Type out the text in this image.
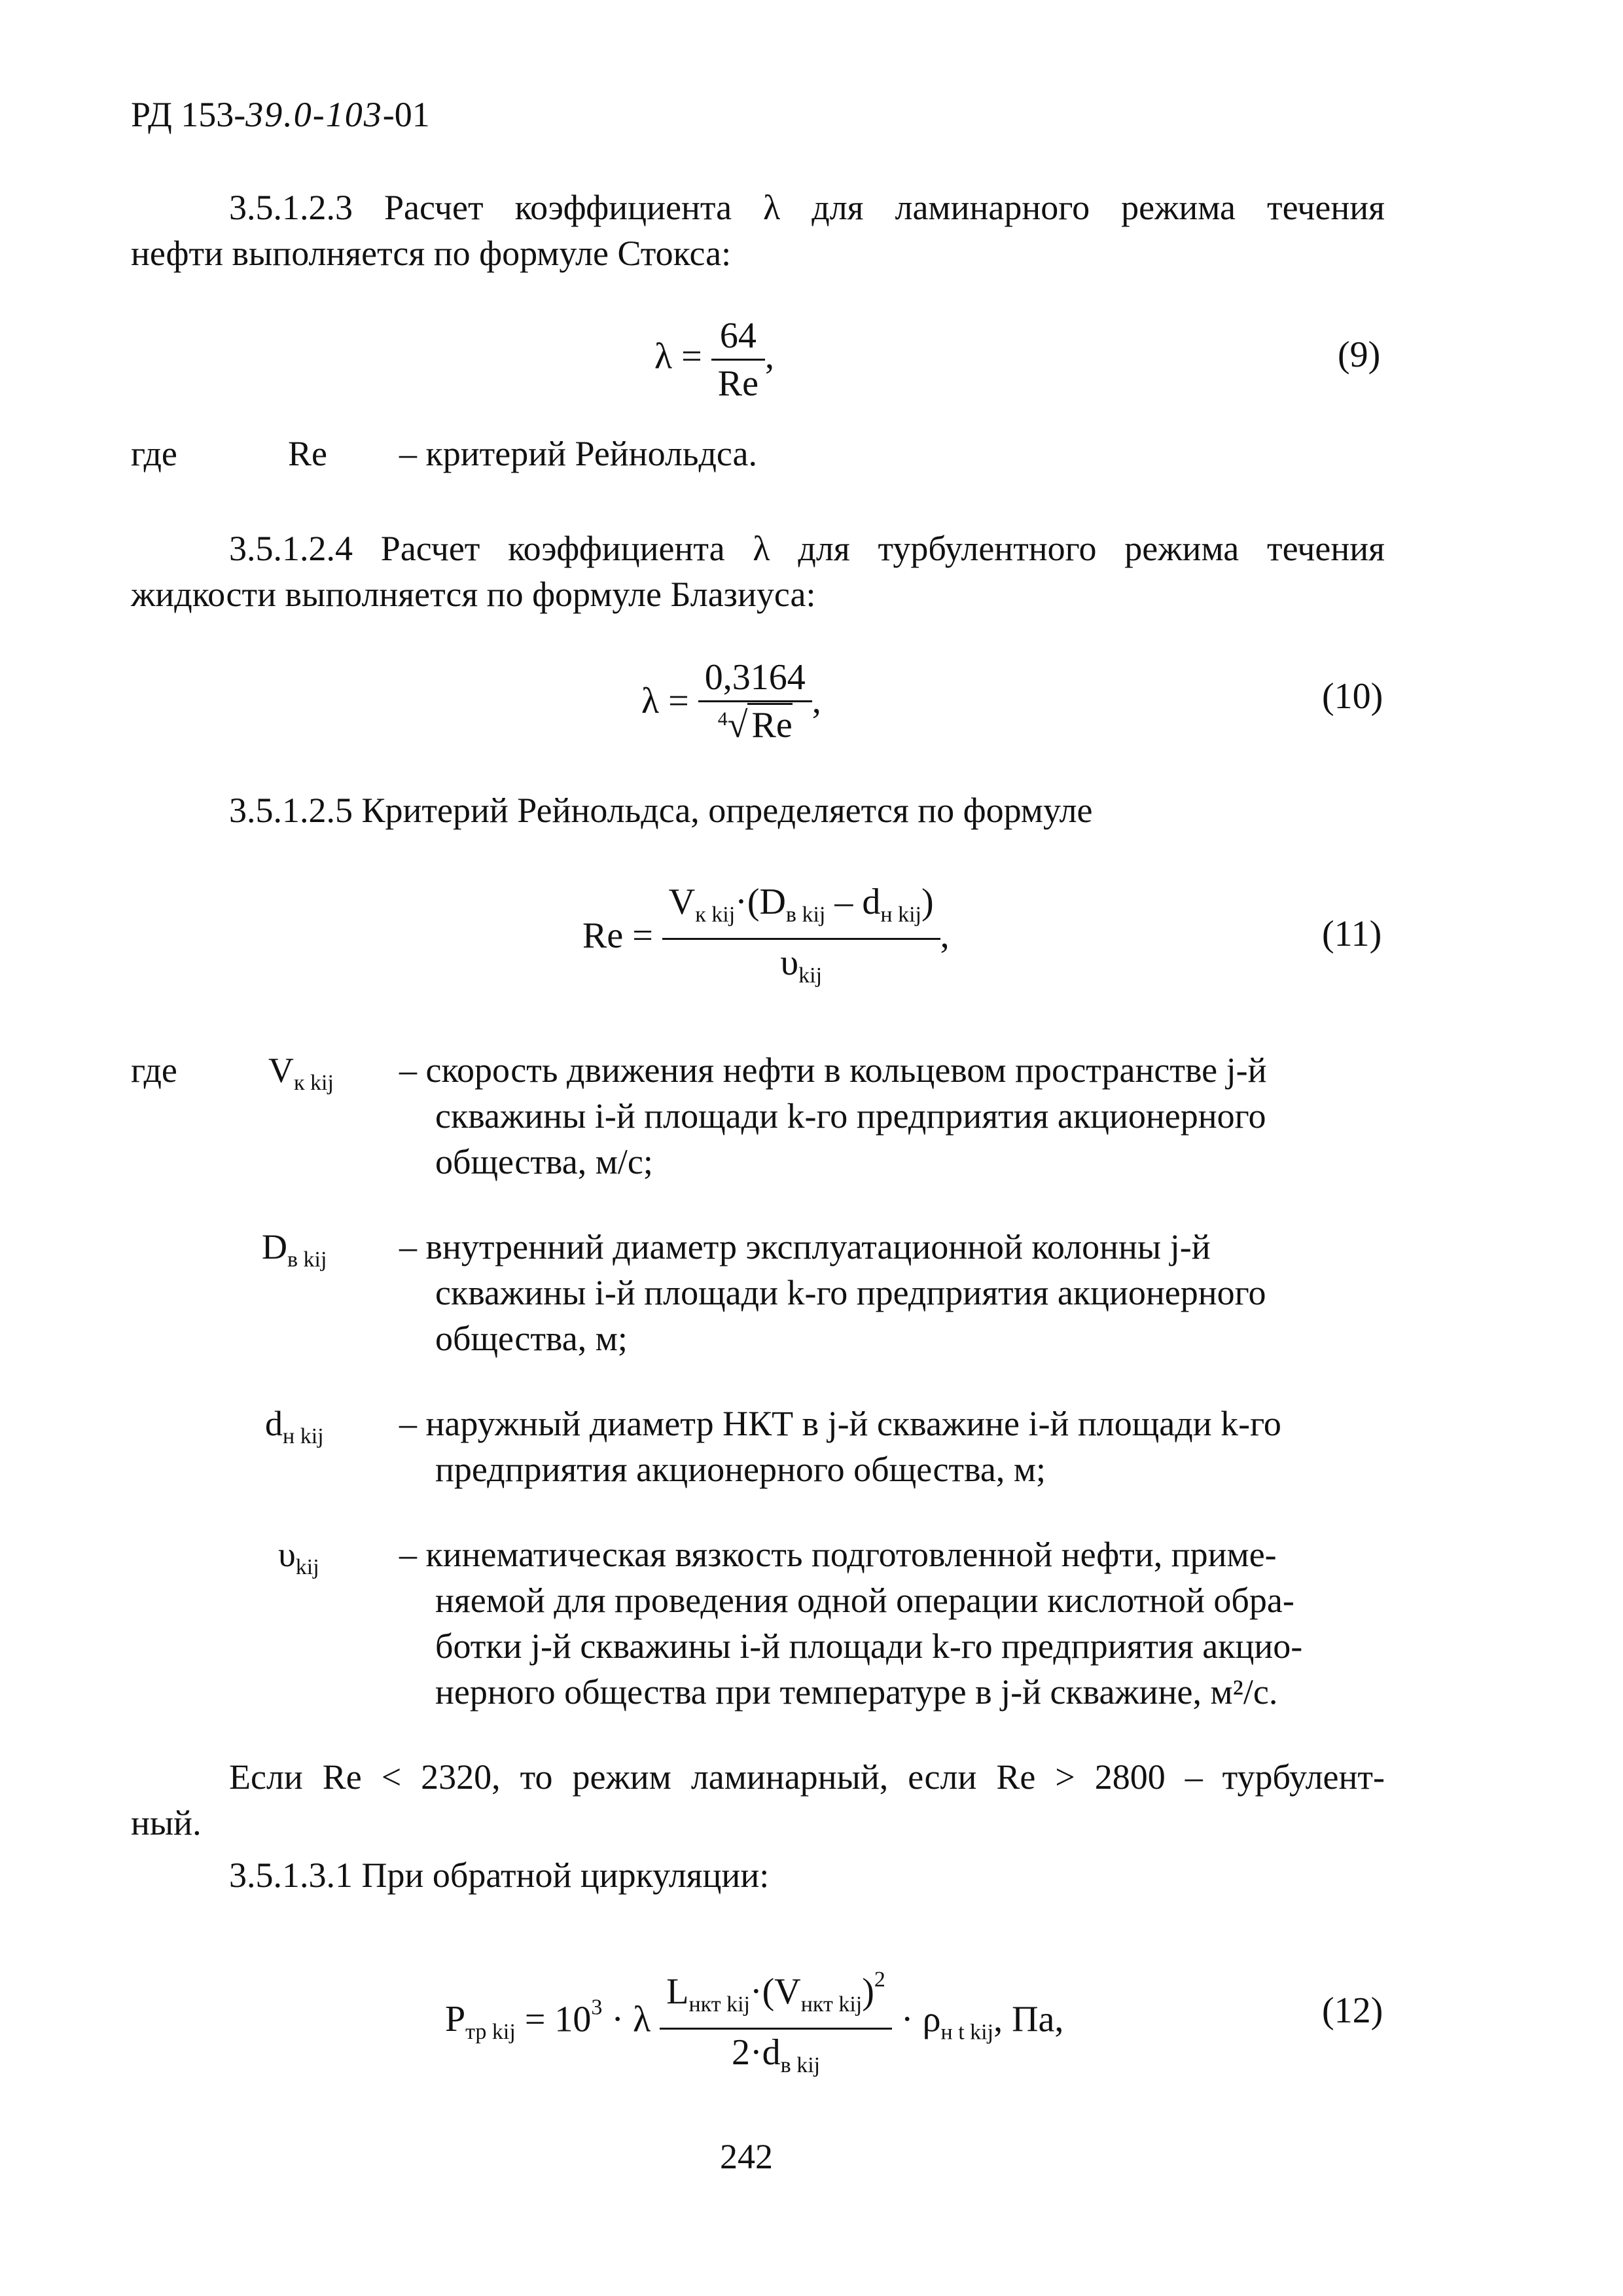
РД 153-39.0-103-01
3.5.1.2.3 Расчет коэффициента λ для ламинарного режима течения
нефти выполняется по формуле Стокса:
$\lambda = \frac{64}{Re}$ ,	(9)
где	Re – критерий Рейнольдса.
3.5.1.2.4 Расчет коэффициента λ для турбулентного режима течения
жидкости выполняется по формуле Блазиуса:
$\lambda = \frac{0,3164}{^4√ Re}$ ,	(10)
3.5.1.2.5 Критерий Рейнольдса, определяется по формуле
$Re = \frac{V_{к kij}\cdot(D_{в kij} - d_{н kij})}{\upsilon_{kij}}$ ,	(11)
где	$V_{к kij}$ – скорость движения нефти в кольцевом пространстве j-й
скважины i-й площади k-го предприятия акционерного
общества, м/с;
$D_{в kij}$ – внутренний диаметр эксплуатационной колонны j-й
скважины i-й площади k-го предприятия акционерного
общества, м;
$d_{н kij}$ – наружный диаметр НКТ в j-й скважине i-й площади k-го
предприятия акционерного общества, м;
$\upsilon_{kij}$ – кинематическая вязкость подготовленной нефти, приме-
няемой для проведения одной операции кислотной обра-
ботки j-й скважины i-й площади k-го предприятия акцио-
нерного общества при температуре в j-й скважине, м²/с.
Если Re < 2320, то режим ламинарный, если Re > 2800 – турбулент-
ный.
3.5.1.3.1 При обратной циркуляции:
$P_{тр kij} = 10^3 \cdot \lambda \frac{L_{нкт kij}\cdot(V_{нкт kij})^2}{2\cdot d_{в kij}} \cdot \rho_{н t kij}$, Па,	(12)
242
